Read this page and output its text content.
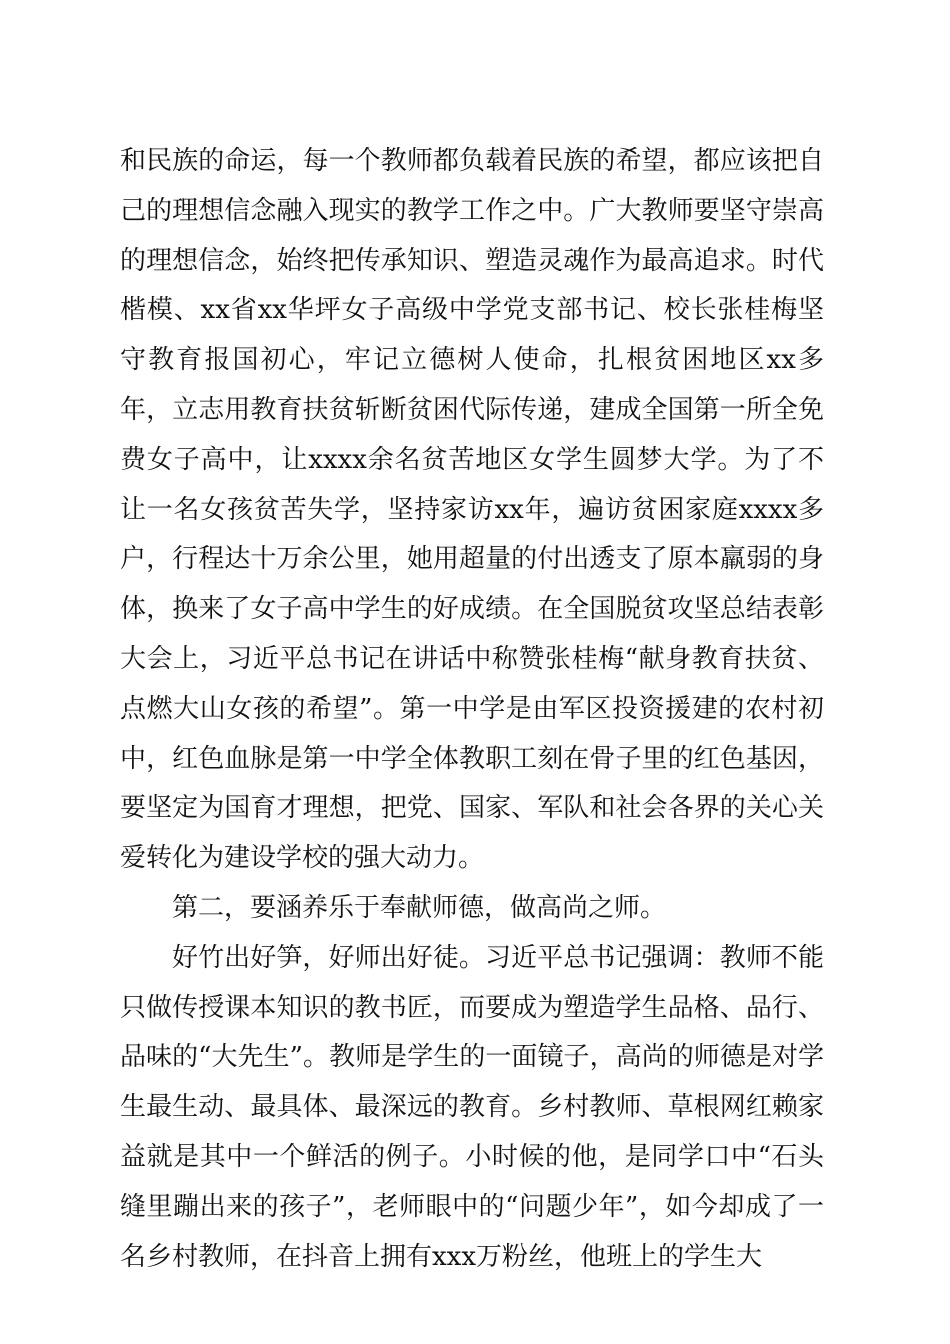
和民族的命运，每一个教师都负载着民族的希望，都应该把自己的理想信念融入现实的教学工作之中。广大教师要坚守崇高的理想信念，始终把传承知识、塑造灵魂作为最高追求。时代楷模、xx省xx华坪女子高级中学党支部书记、校长张桂梅坚守教育报国初心，牢记立德树人使命，扎根贫困地区xx多年，立志用教育扶贫斩断贫困代际传递，建成全国第一所全免费女子高中，让xxxx余名贫苦地区女学生圆梦大学。为了不让一名女孩贫苦失学，坚持家访xx年，遍访贫困家庭xxxx多户，行程达十万余公里，她用超量的付出透支了原本羸弱的身体，换来了女子高中学生的好成绩。在全国脱贫攻坚总结表彰大会上，习近平总书记在讲话中称赞张桂梅“献身教育扶贫、点燃大山女孩的希望”。第一中学是由军区投资援建的农村初中，红色血脉是第一中学全体教职工刻在骨子里的红色基因，要坚定为国育才理想，把党、国家、军队和社会各界的关心关爱转化为建设学校的强大动力。

第二，要涵养乐于奉献师德，做高尚之师。

好竹出好笋，好师出好徒。习近平总书记强调：教师不能只做传授课本知识的教书匠，而要成为塑造学生品格、品行、品味的“大先生”。教师是学生的一面镜子，高尚的师德是对学生最生动、最具体、最深远的教育。乡村教师、草根网红赖家益就是其中一个鲜活的例子。小时候的他，是同学口中“石头缝里蹦出来的孩子”，老师眼中的“问题少年”，如今却成了一名乡村教师，在抖音上拥有xxx万粉丝，他班上的学生大
